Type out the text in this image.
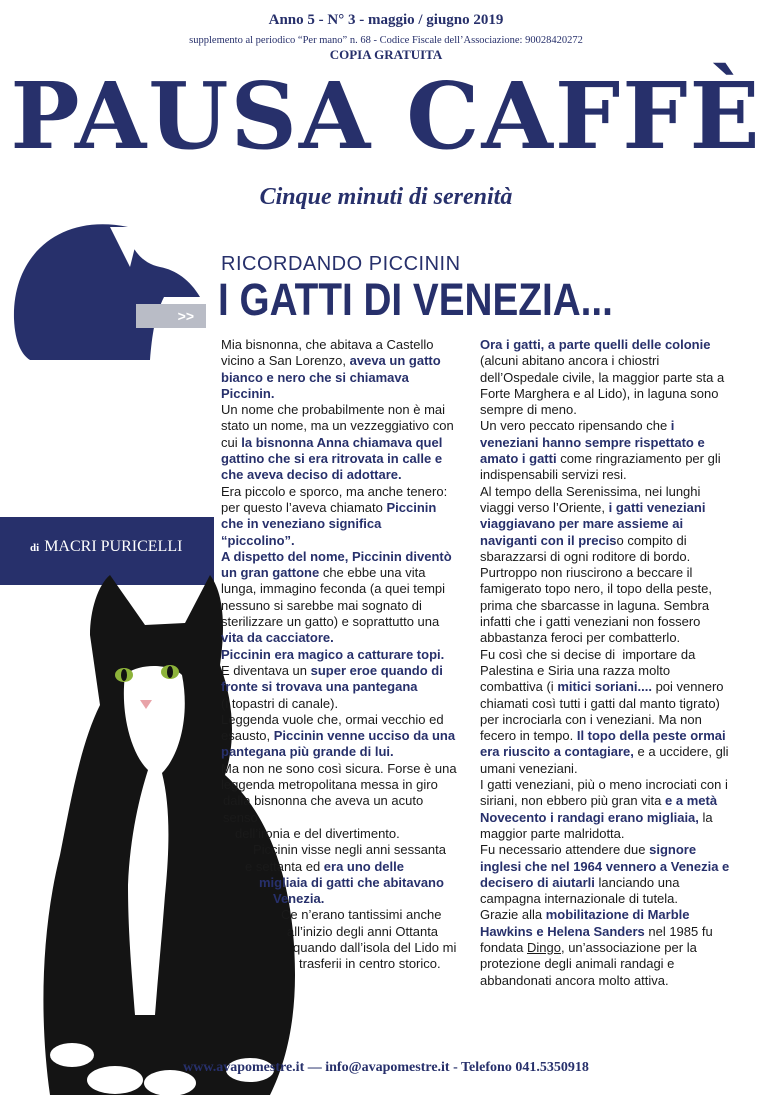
Anno 5 - N° 3 - maggio / giugno 2019
supplemento al periodico “Per mano” n. 68 - Codice Fiscale dell’Associazione: 90028420272
COPIA GRATUITA
PAUSA CAFFÈ
Cinque minuti di serenità
>>
RICORDANDO PICCININ
I GATTI DI VENEZIA...
di MACRI PURICELLI

Mia bisnonna, che abitava a Castello vicino a San Lorenzo, aveva un gatto bianco e nero che si chiamava Piccinin.

Un nome che probabilmente non è mai stato un nome, ma un vezzeggiativo con cui la bisnonna Anna chiamava quel gattino che si era ritrovata in calle e che aveva deciso di adottare.

Era piccolo e sporco, ma anche tenero: per questo l’aveva chiamato Piccinin che in veneziano significa “piccolino”.

A dispetto del nome, Piccinin diventò un gran gattone che ebbe una vita lunga, immagino feconda (a quei tempi nessuno si sarebbe mai sognato di sterilizzare un gatto) e soprattutto una vita da cacciatore.

Piccinin era magico a catturare topi.

E diventava un super eroe quando di fronte si trovava una pantegana

(i topastri di canale).

Leggenda vuole che, ormai vecchio ed esausto, Piccinin venne ucciso da una pantegana più grande di lui.

Ma non ne sono così sicura. Forse è una leggenda metropolitana messa in giro

dalla bisnonna che aveva un acuto senso

dell’ironia e del divertimento.

Piccinin visse negli anni sessanta

e settanta ed era uno delle

migliaia di gatti che abitavano

Venezia.

Ce n’erano tantissimi anche

all’inizio degli anni Ottanta

quando dall’isola del Lido mi

trasferii in centro storico.

Ora i gatti, a parte quelli delle colonie (alcuni abitano ancora i chiostri dell’Ospedale civile, la maggior parte sta a Forte Marghera e al Lido), in laguna sono sempre di meno.

Un vero peccato ripensando che i veneziani hanno sempre rispettato e amato i gatti come ringraziamento per gli indispensabili servizi resi.

Al tempo della Serenissima, nei lunghi viaggi verso l’Oriente, i gatti veneziani viaggiavano per mare assieme ai naviganti con il preciso compito di sbarazzarsi di ogni roditore di bordo. Purtroppo non riuscirono a beccare il  famigerato topo nero, il topo della peste, prima che sbarcasse in laguna. Sembra infatti che i gatti veneziani non fossero abbastanza feroci per combatterlo.

Fu così che si decise di  importare da Palestina e Siria una razza molto combattiva (i mitici soriani.... poi vennero chiamati così tutti i gatti dal manto tigrato) per incrociarla con i veneziani. Ma non fecero in tempo. Il topo della peste ormai era riuscito a contagiare, e a uccidere, gli umani veneziani.

I gatti veneziani, più o meno incrociati con i siriani, non ebbero più gran vita e a metà Novecento i randagi erano migliaia, la maggior parte malridotta.

Fu necessario attendere due signore inglesi che nel 1964 vennero a Venezia e decisero di aiutarli lanciando una campagna internazionale di tutela.

Grazie alla mobilitazione di Marble Hawkins e Helena Sanders nel 1985 fu fondata Dingo, un’associazione per la protezione degli animali randagi e abbandonati ancora molto attiva.

www.avapomestre.it — info@avapomestre.it - Telefono 041.5350918
